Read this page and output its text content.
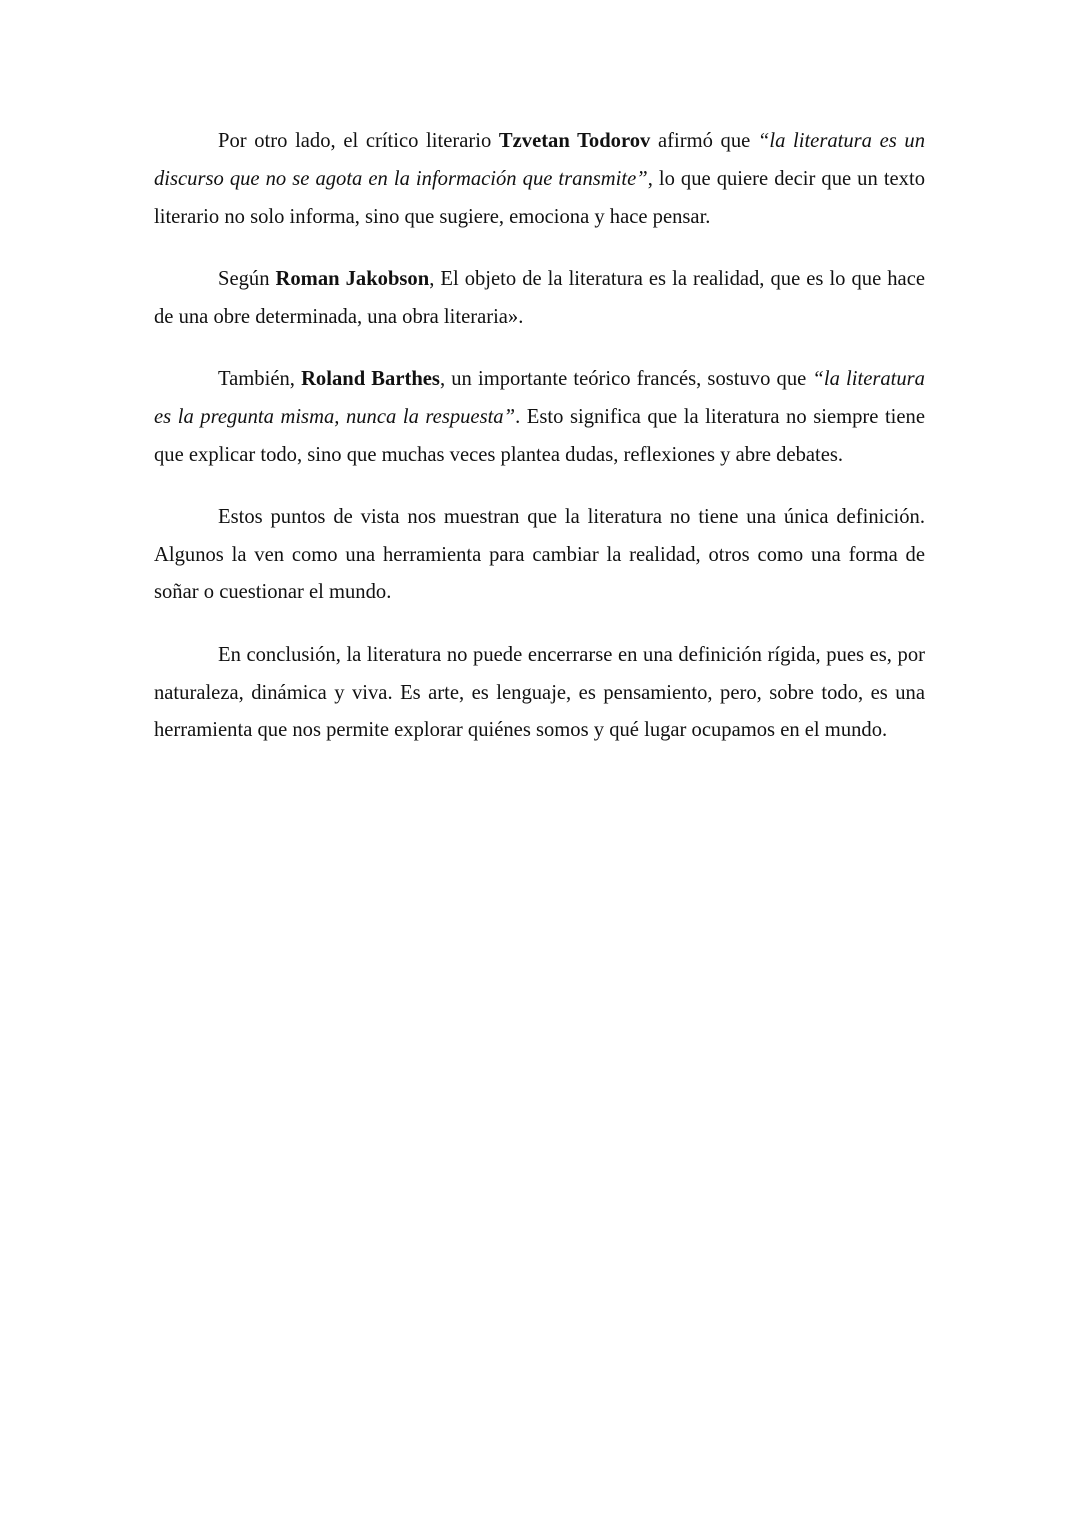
Por otro lado, el crítico literario Tzvetan Todorov afirmó que “la literatura es un discurso que no se agota en la información que transmite”, lo que quiere decir que un texto literario no solo informa, sino que sugiere, emociona y hace pensar.

Según Roman Jakobson, El objeto de la literatura es la realidad, que es lo que hace de una obre determinada, una obra literaria».

También, Roland Barthes, un importante teórico francés, sostuvo que “la literatura es la pregunta misma, nunca la respuesta”. Esto significa que la literatura no siempre tiene que explicar todo, sino que muchas veces plantea dudas, reflexiones y abre debates.

Estos puntos de vista nos muestran que la literatura no tiene una única definición. Algunos la ven como una herramienta para cambiar la realidad, otros como una forma de soñar o cuestionar el mundo.

En conclusión, la literatura no puede encerrarse en una definición rígida, pues es, por naturaleza, dinámica y viva. Es arte, es lenguaje, es pensamiento, pero, sobre todo, es una herramienta que nos permite explorar quiénes somos y qué lugar ocupamos en el mundo.
